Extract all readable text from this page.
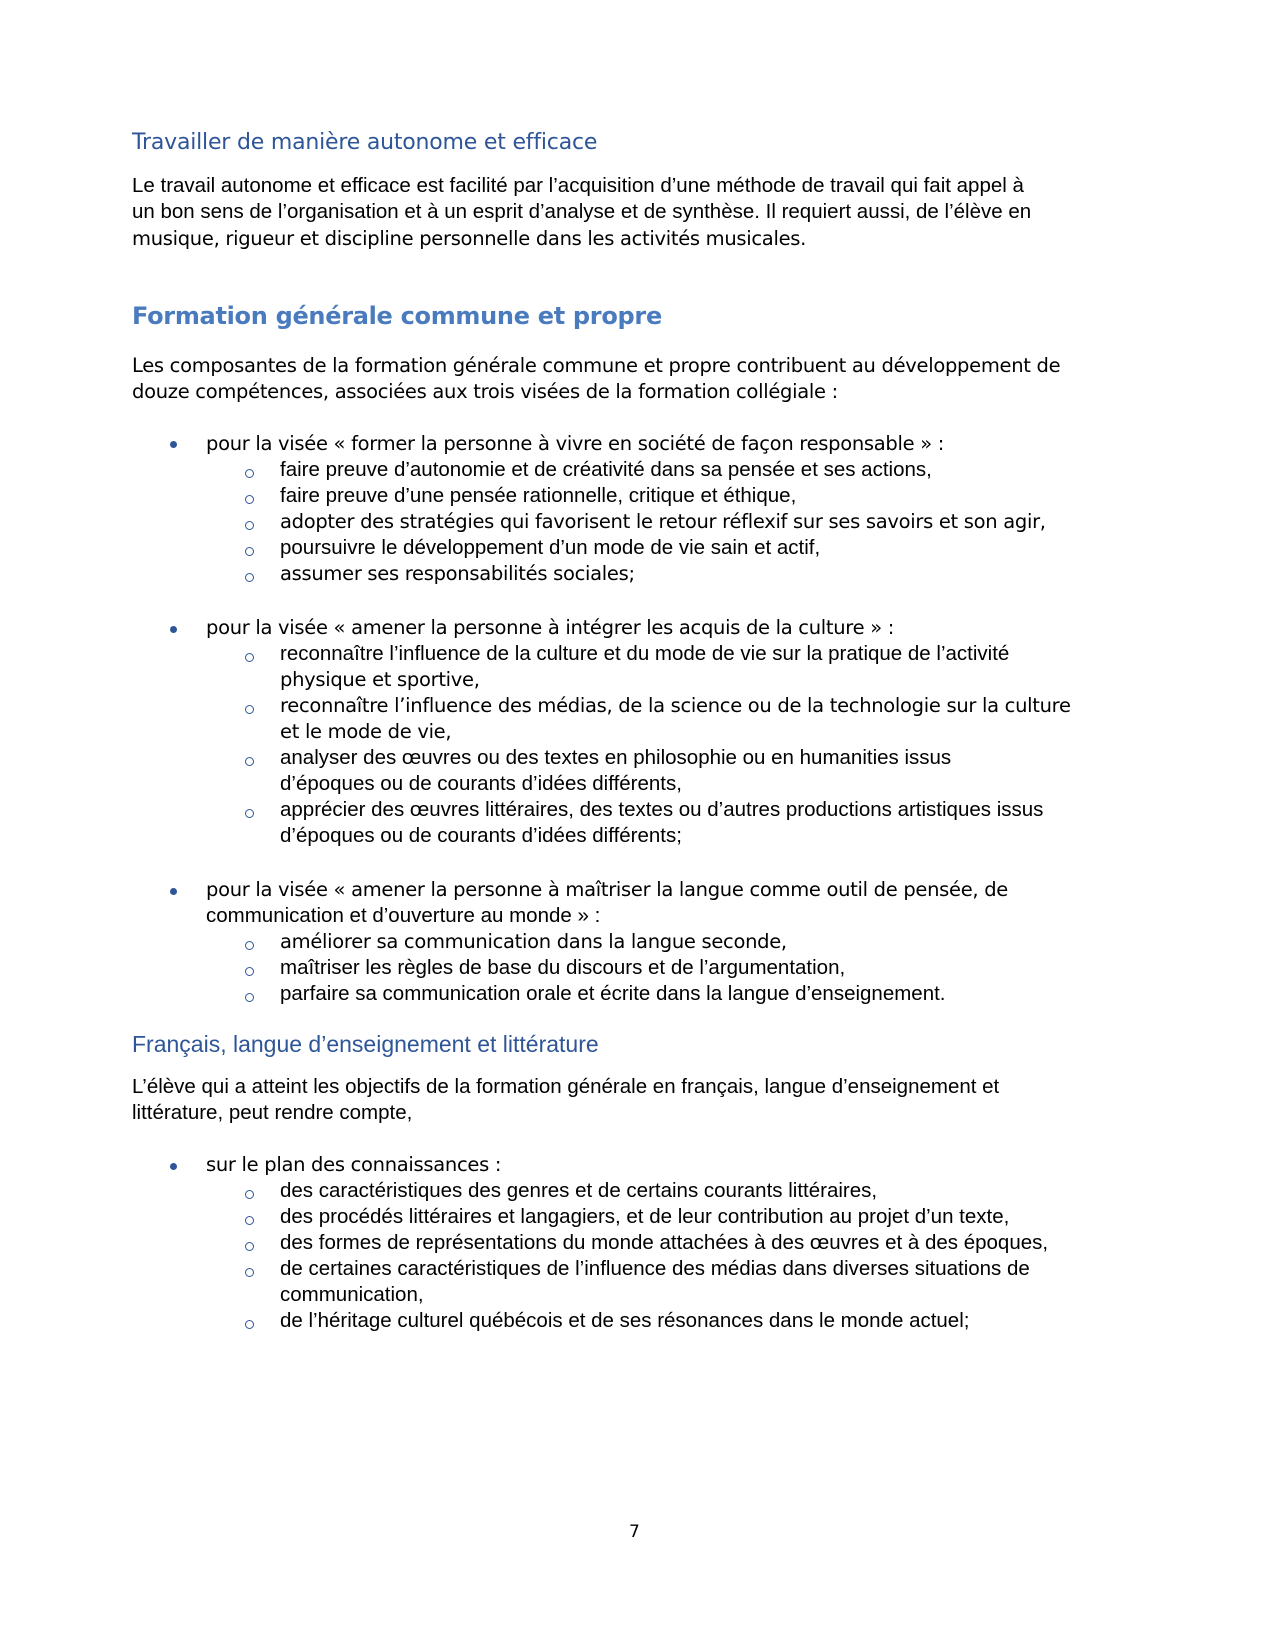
Travailler de manière autonome et efficace
Le travail autonome et efficace est facilité par l’acquisition d’une méthode de travail qui fait appel à
un bon sens de l’organisation et à un esprit d’analyse et de synthèse. Il requiert aussi, de l’élève en
musique, rigueur et discipline personnelle dans les activités musicales.
Formation générale commune et propre
Les composantes de la formation générale commune et propre contribuent au développement de
douze compétences, associées aux trois visées de la formation collégiale :
pour la visée « former la personne à vivre en société de façon responsable » :
faire preuve d’autonomie et de créativité dans sa pensée et ses actions,
faire preuve d’une pensée rationnelle, critique et éthique,
adopter des stratégies qui favorisent le retour réflexif sur ses savoirs et son agir,
poursuivre le développement d’un mode de vie sain et actif,
assumer ses responsabilités sociales;
pour la visée « amener la personne à intégrer les acquis de la culture » :
reconnaître l’influence de la culture et du mode de vie sur la pratique de l’activité
physique et sportive,
reconnaître l’influence des médias, de la science ou de la technologie sur la culture
et le mode de vie,
analyser des œuvres ou des textes en philosophie ou en humanities issus
d’époques ou de courants d’idées différents,
apprécier des œuvres littéraires, des textes ou d’autres productions artistiques issus
d’époques ou de courants d’idées différents;
pour la visée « amener la personne à maîtriser la langue comme outil de pensée, de
communication et d’ouverture au monde » :
améliorer sa communication dans la langue seconde,
maîtriser les règles de base du discours et de l’argumentation,
parfaire sa communication orale et écrite dans la langue d’enseignement.
Français, langue d’enseignement et littérature
L’élève qui a atteint les objectifs de la formation générale en français, langue d’enseignement et
littérature, peut rendre compte,
sur le plan des connaissances :
des caractéristiques des genres et de certains courants littéraires,
des procédés littéraires et langagiers, et de leur contribution au projet d’un texte,
des formes de représentations du monde attachées à des œuvres et à des époques,
de certaines caractéristiques de l’influence des médias dans diverses situations de
communication,
de l’héritage culturel québécois et de ses résonances dans le monde actuel;
7
